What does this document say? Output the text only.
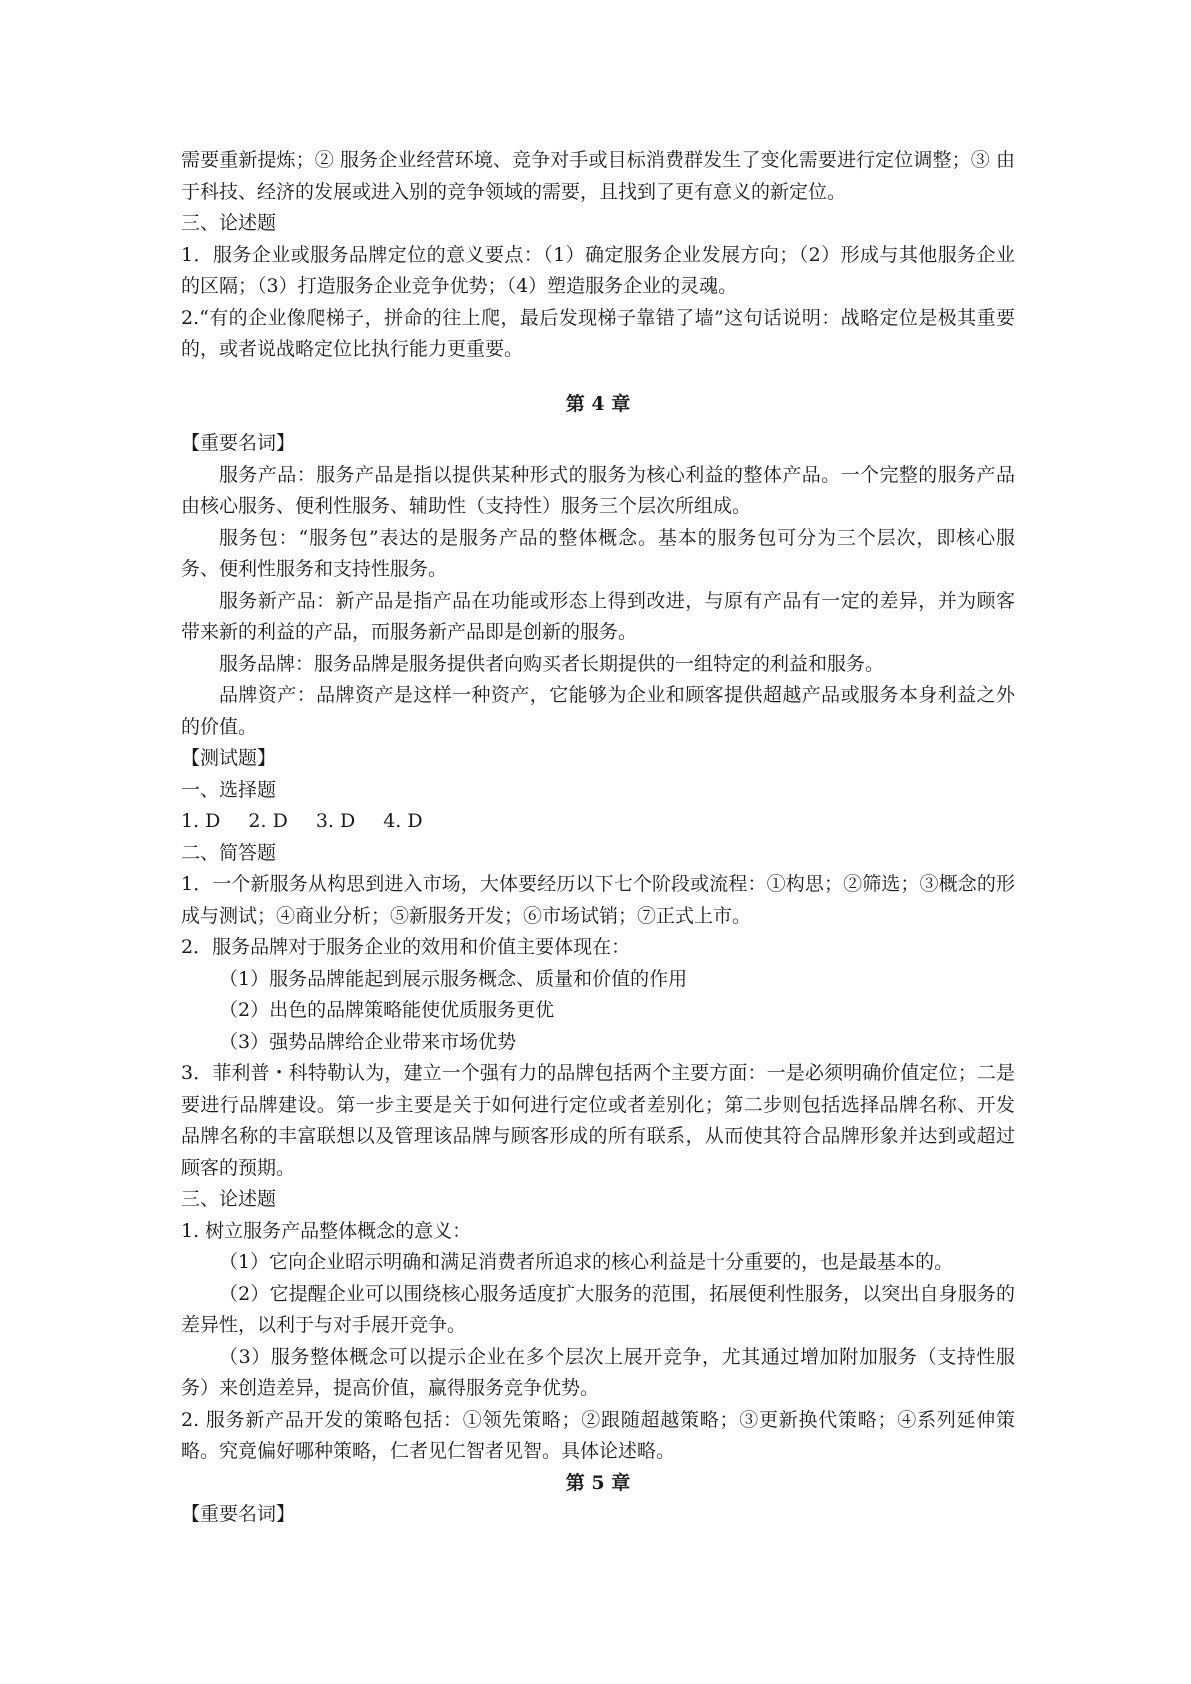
需要重新提炼；② 服务企业经营环境、竞争对手或目标消费群发生了变化需要进行定位调整；③ 由于科技、经济的发展或进入别的竞争领域的需要，且找到了更有意义的新定位。

三、论述题

1．服务企业或服务品牌定位的意义要点：（1）确定服务企业发展方向；（2）形成与其他服务企业的区隔；（3）打造服务企业竞争优势；（4）塑造服务企业的灵魂。

2.“有的企业像爬梯子，拼命的往上爬，最后发现梯子靠错了墙”这句话说明：战略定位是极其重要的，或者说战略定位比执行能力更重要。

第 4 章

【重要名词】

服务产品：服务产品是指以提供某种形式的服务为核心利益的整体产品。一个完整的服务产品由核心服务、便利性服务、辅助性（支持性）服务三个层次所组成。

服务包：“服务包”表达的是服务产品的整体概念。基本的服务包可分为三个层次，即核心服务、便利性服务和支持性服务。

服务新产品：新产品是指产品在功能或形态上得到改进，与原有产品有一定的差异，并为顾客带来新的利益的产品，而服务新产品即是创新的服务。

服务品牌：服务品牌是服务提供者向购买者长期提供的一组特定的利益和服务。

品牌资产：品牌资产是这样一种资产，它能够为企业和顾客提供超越产品或服务本身利益之外的价值。

【测试题】

一、选择题

1. D 2. D 3. D 4. D

二、简答题

1．一个新服务从构思到进入市场，大体要经历以下七个阶段或流程：①构思；②筛选；③概念的形成与测试；④商业分析；⑤新服务开发；⑥市场试销；⑦正式上市。

2．服务品牌对于服务企业的效用和价值主要体现在：

（1）服务品牌能起到展示服务概念、质量和价值的作用

（2）出色的品牌策略能使优质服务更优

（3）强势品牌给企业带来市场优势

3．菲利普・科特勒认为，建立一个强有力的品牌包括两个主要方面：一是必须明确价值定位；二是要进行品牌建设。第一步主要是关于如何进行定位或者差别化；第二步则包括选择品牌名称、开发品牌名称的丰富联想以及管理该品牌与顾客形成的所有联系，从而使其符合品牌形象并达到或超过顾客的预期。

三、论述题

1. 树立服务产品整体概念的意义：

（1）它向企业昭示明确和满足消费者所追求的核心利益是十分重要的，也是最基本的。

（2）它提醒企业可以围绕核心服务适度扩大服务的范围，拓展便利性服务，以突出自身服务的差异性，以利于与对手展开竞争。

（3）服务整体概念可以提示企业在多个层次上展开竞争，尤其通过增加附加服务（支持性服务）来创造差异，提高价值，赢得服务竞争优势。

2. 服务新产品开发的策略包括：①领先策略；②跟随超越策略；③更新换代策略；④系列延伸策略。究竟偏好哪种策略，仁者见仁智者见智。具体论述略。

第 5 章

【重要名词】
